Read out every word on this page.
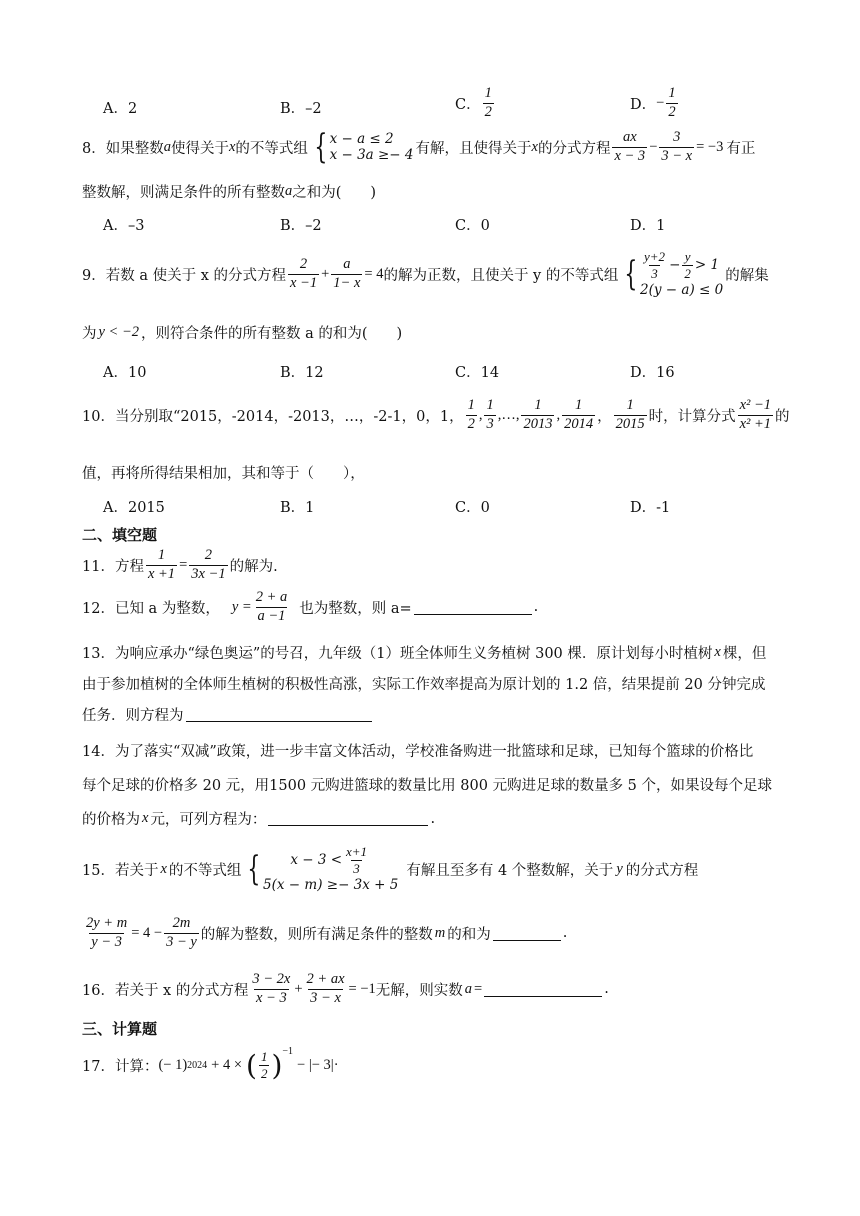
A．2	B．–2	C． $\frac{1}{2}$	D． − $\frac{1}{2}$
8．如果整数 a 使得关于 x 的不等式组 { x − a ≤ 2
x − 3a ≥− 4 有解，且使得关于 x 的分式方程 $\frac{ax}{x - 3} - \frac{3}{3 - x} = -3$ 有正
整数解，则满足条件的所有整数 a 之和为(　　)
A．–3	B．–2	C．0	D．1
9．若数 a 使关于 x 的分式方程 $\frac{2}{x -1} + \frac{a}{1- x} = 4$ 的解为正数，且使关于 y 的不等式组 { $\frac{y+2}{3} - \frac{y}{2} > 1$
2(y − a) ≤ 0
的解集
为 y < −2 ，则符合条件的所有整数 a 的和为(　　)
A．10	B．12	C．14	D．16
10．当分别取“2015，-2014，-2013，…，-2-1，0，1， $\frac{1}{2}$ , $\frac{1}{3}$ ,…, $\frac{1}{2013}$ , $\frac{1}{2014}$ ， $\frac{1}{2015}$ 时，计算分式 $\frac{\text{x² −1}}{\text{x² +1}}$ 的
值，再将所得结果相加，其和等于（　　），
A．2015	B．1	C．0	D．-1
二、填空题
11．方程 $\frac{1}{x +1} = \frac{2}{3x -1}$ 的解为.
12．已知 a 为整数， $y = \frac{2 + a}{a -1}$ 也为整数，则 a=	.
13．为响应承办“绿色奥运”的号召，九年级（1）班全体师生义务植树 300 棵．原计划每小时植树 x 棵，但
由于参加植树的全体师生植树的积极性高涨，实际工作效率提高为原计划的 1.2 倍，结果提前 20 分钟完成
任务．则方程为
14．为了落实“双减”政策，进一步丰富文体活动，学校准备购进一批篮球和足球，已知每个篮球的价格比
每个足球的价格多 20 元，用1500 元购进篮球的数量比用 800 元购进足球的数量多 5 个，如果设每个足球
的价格为 x 元，可列方程为：	.
15．若关于 x 的不等式组 { $x - 3 < \frac{x+1}{3}$
5(x − m) ≥− 3x + 5
有解且至多有 4 个整数解，关于 y 的分式方程
$\frac{2y + m}{y - 3} = 4 - \frac{2m}{3 - y}$ 的解为整数，则所有满足条件的整数 m 的和为	.
16．若关于 x 的分式方程 $\frac{3 - 2x}{x - 3} + \frac{2 + ax}{3 - x} = -1$ 无解，则实数 a =	.
三、计算题
17．计算： (− 1) 2024 + 4 × ( $\frac{1}{2}$ ) −1
− |− 3|·
